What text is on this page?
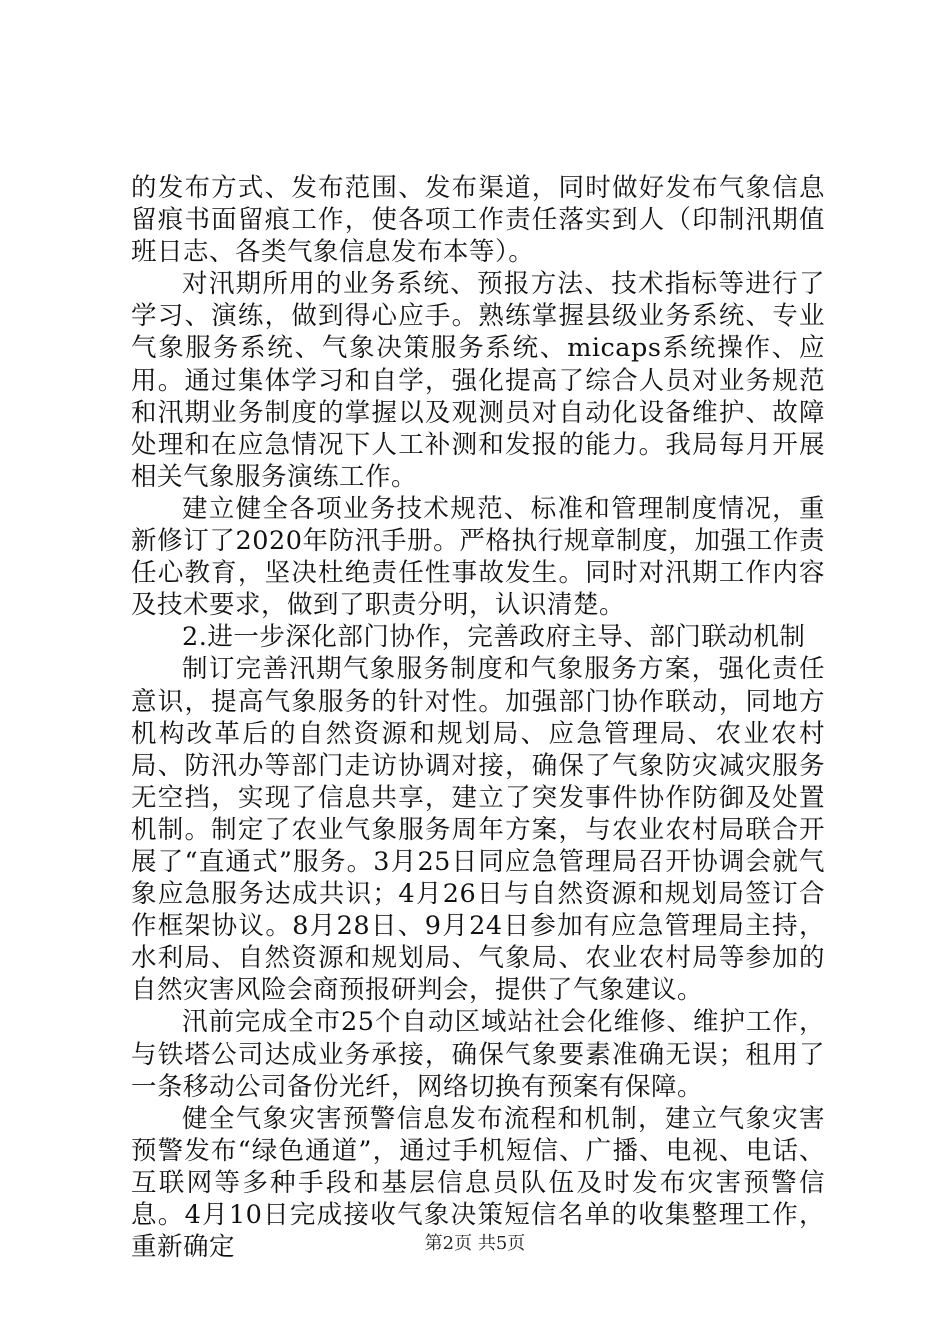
的发布方式、发布范围、发布渠道，同时做好发布气象信息留痕书面留痕工作，使各项工作责任落实到人（印制汛期值班日志、各类气象信息发布本等）。

对汛期所用的业务系统、预报方法、技术指标等进行了学习、演练，做到得心应手。熟练掌握县级业务系统、专业气象服务系统、气象决策服务系统、micaps系统操作、应用。通过集体学习和自学，强化提高了综合人员对业务规范和汛期业务制度的掌握以及观测员对自动化设备维护、故障处理和在应急情况下人工补测和发报的能力。我局每月开展相关气象服务演练工作。

建立健全各项业务技术规范、标准和管理制度情况，重新修订了2020年防汛手册。严格执行规章制度，加强工作责任心教育，坚决杜绝责任性事故发生。同时对汛期工作内容及技术要求，做到了职责分明，认识清楚。

2.进一步深化部门协作，完善政府主导、部门联动机制

制订完善汛期气象服务制度和气象服务方案，强化责任意识，提高气象服务的针对性。加强部门协作联动，同地方机构改革后的自然资源和规划局、应急管理局、农业农村局、防汛办等部门走访协调对接，确保了气象防灾减灾服务无空挡，实现了信息共享，建立了突发事件协作防御及处置机制。制定了农业气象服务周年方案，与农业农村局联合开展了“直通式”服务。3月25日同应急管理局召开协调会就气象应急服务达成共识；4月26日与自然资源和规划局签订合作框架协议。8月28日、9月24日参加有应急管理局主持，水利局、自然资源和规划局、气象局、农业农村局等参加的自然灾害风险会商预报研判会，提供了气象建议。

汛前完成全市25个自动区域站社会化维修、维护工作，与铁塔公司达成业务承接，确保气象要素准确无误；租用了一条移动公司备份光纤，网络切换有预案有保障。

健全气象灾害预警信息发布流程和机制，建立气象灾害预警发布“绿色通道”，通过手机短信、广播、电视、电话、互联网等多种手段和基层信息员队伍及时发布灾害预警信息。4月10日完成接收气象决策短信名单的收集整理工作，重新确定	第2页 共5页
